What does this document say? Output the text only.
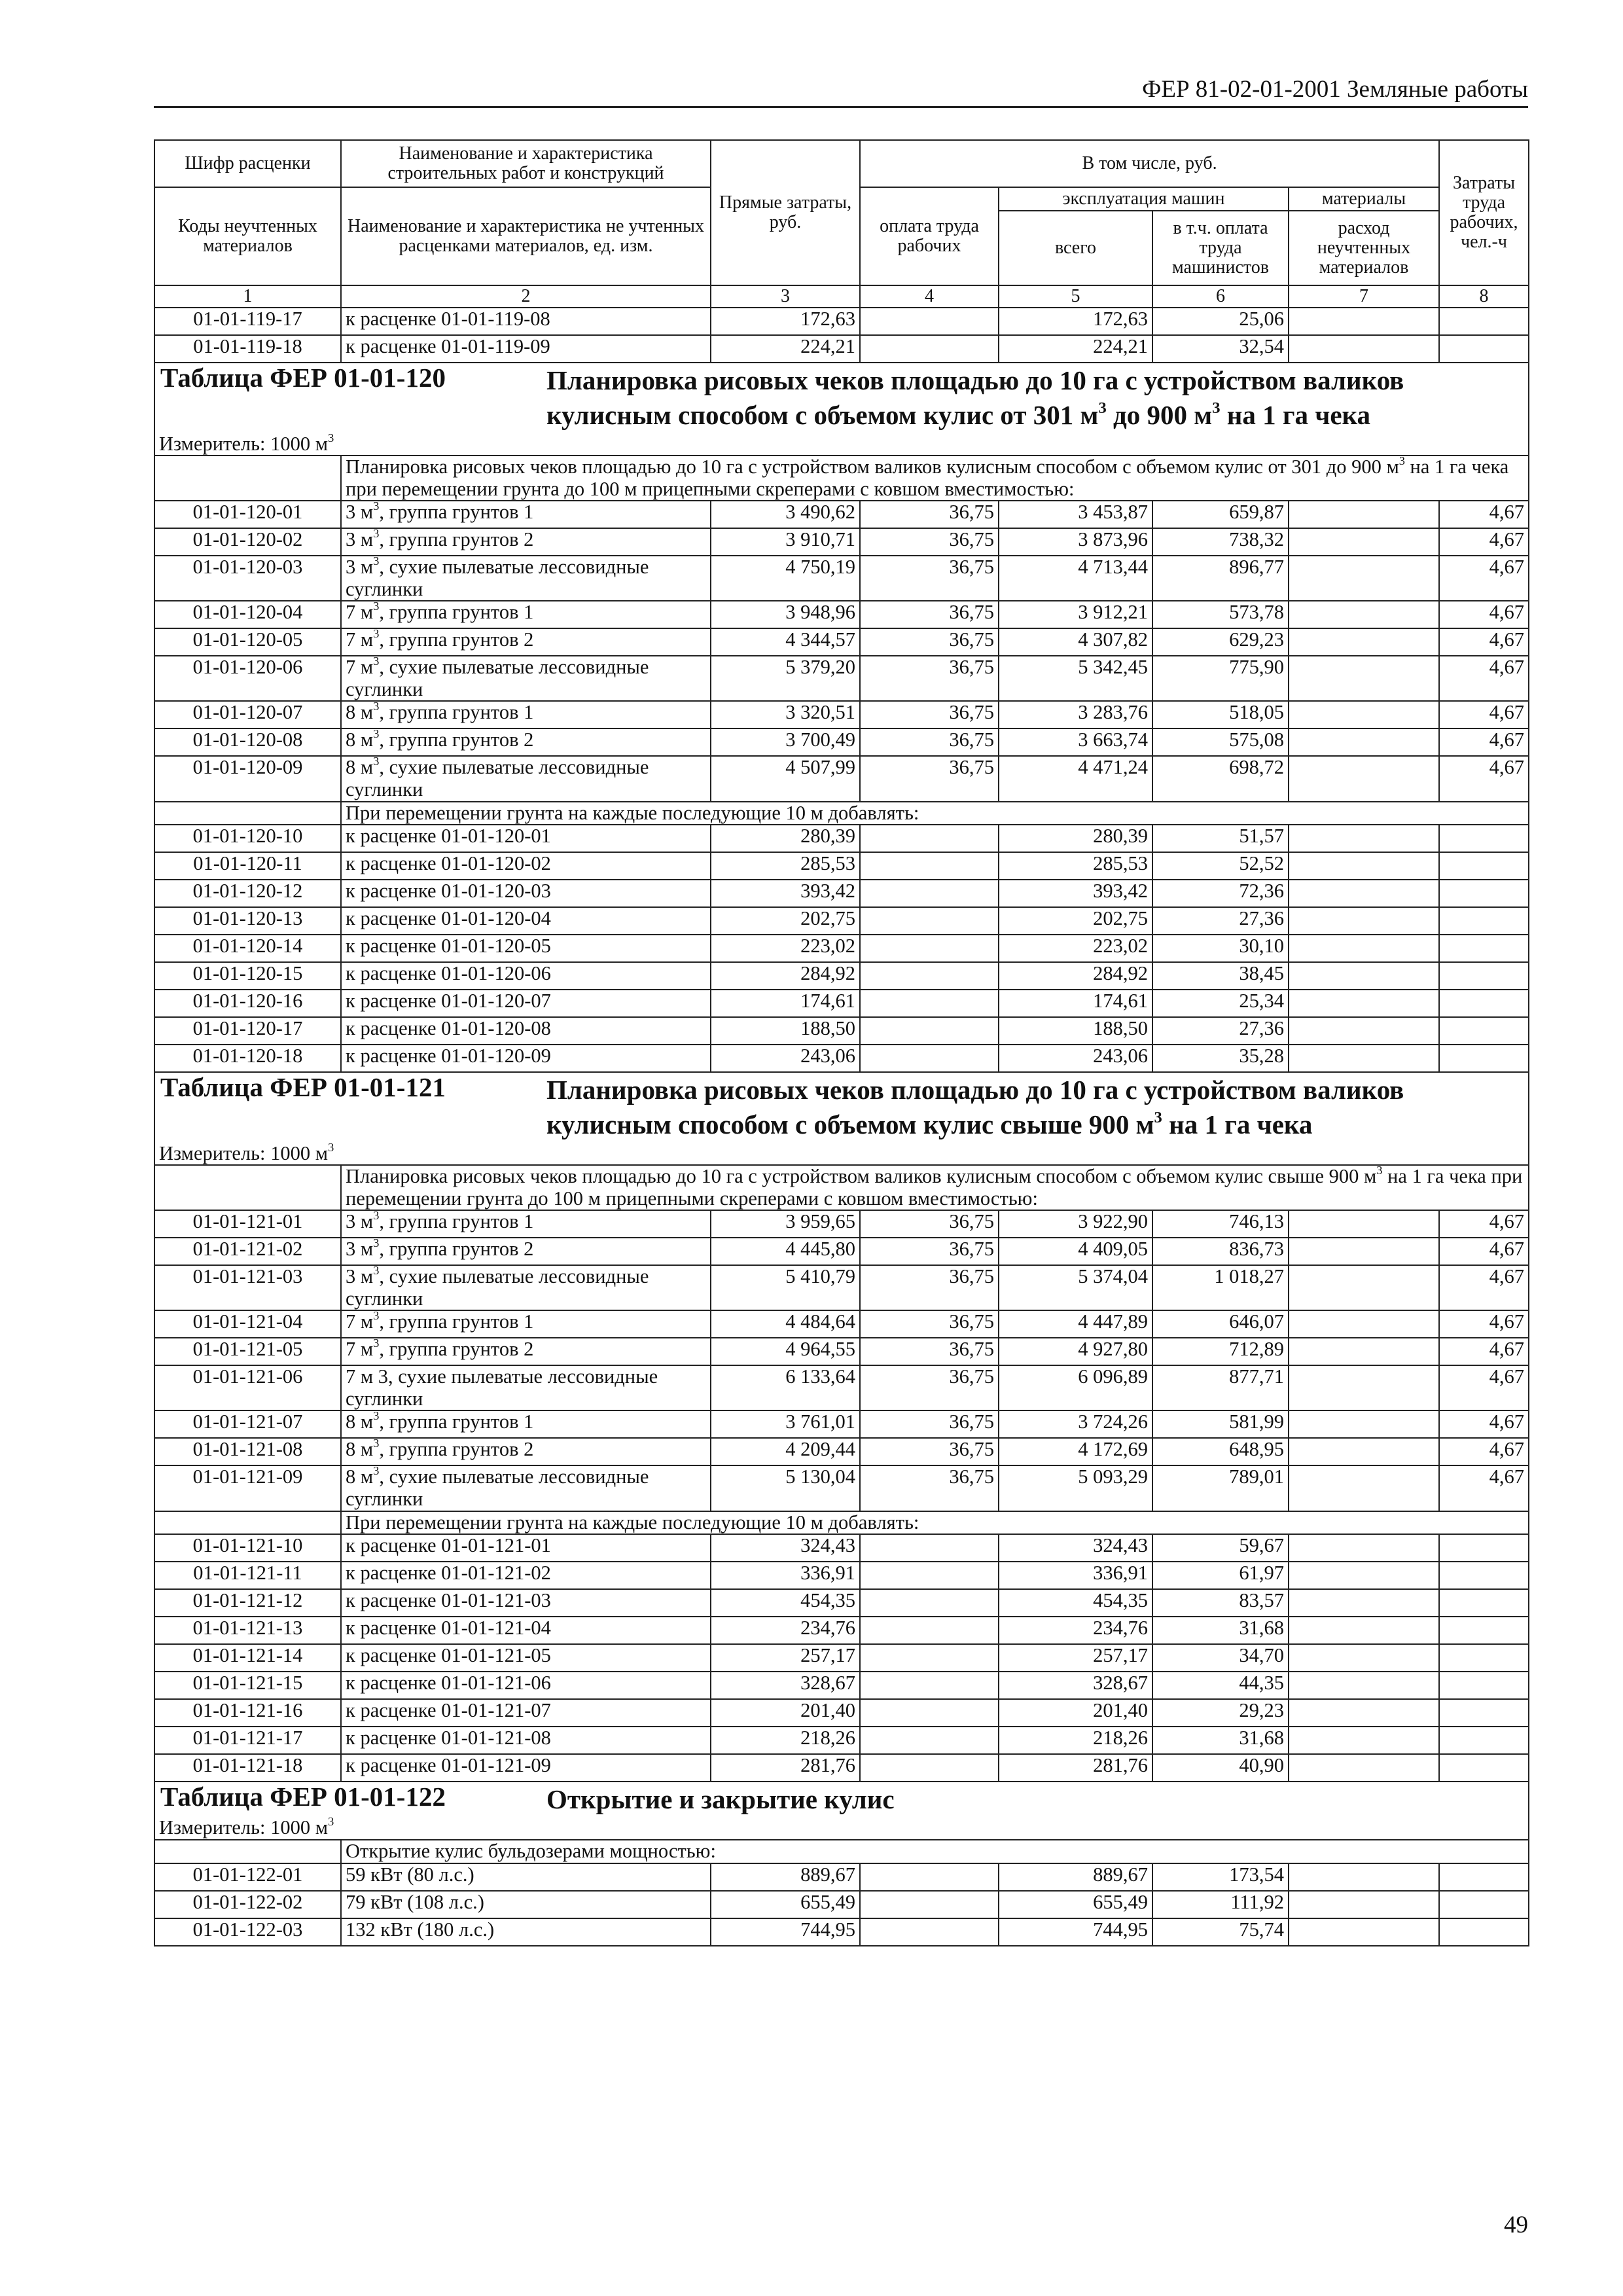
ФЕР 81-02-01-2001 Земляные работы
Шифр расценки	Наименование и характеристика строительных работ и конструкций	Прямые затраты, руб.	В том числе, руб.				Затраты труда рабочих, чел.-ч
Коды неучтенных материалов	Наименование и характеристика не учтенных расценками материалов, ед. изм.		оплата труда рабочих	эксплуатация машин		материалы	
				всего	в т.ч. оплата труда машинистов	расход неучтенных материалов	
1	2	3	4	5	6	7	8
01-01-119-17	к расценке 01-01-119-08	172,63		172,63	25,06		
01-01-119-18	к расценке 01-01-119-09	224,21		224,21	32,54		
Таблица ФЕР 01-01-120 Планировка рисовых чеков площадью до 10 га с устройством валиков кулисным способом с объемом кулис от 301 $м^3$ до 900 $м^3$ на 1 га чека							
Измеритель: 1000 $м^3$
	Планировка рисовых чеков площадью до 10 га с устройством валиков кулисным способом с объемом кулис от 301 до 900 $м^3$ на 1 га чека при перемещении грунта до 100 м прицепными скреперами с ковшом вместимостью:						
01-01-120-01	3 $м^3$, группа грунтов 1	3 490,62	36,75	3 453,87	659,87		4,67
01-01-120-02	3 $м^3$, группа грунтов 2	3 910,71	36,75	3 873,96	738,32		4,67
01-01-120-03	3 $м^3$, сухие пылеватые лессовидные суглинки	4 750,19	36,75	4 713,44	896,77		4,67
01-01-120-04	7 $м^3$, группа грунтов 1	3 948,96	36,75	3 912,21	573,78		4,67
01-01-120-05	7 $м^3$, группа грунтов 2	4 344,57	36,75	4 307,82	629,23		4,67
01-01-120-06	7 $м^3$, сухие пылеватые лессовидные суглинки	5 379,20	36,75	5 342,45	775,90		4,67
01-01-120-07	8 $м^3$, группа грунтов 1	3 320,51	36,75	3 283,76	518,05		4,67
01-01-120-08	8 $м^3$, группа грунтов 2	3 700,49	36,75	3 663,74	575,08		4,67
01-01-120-09	8 $м^3$, сухие пылеватые лессовидные суглинки	4 507,99	36,75	4 471,24	698,72		4,67
	При перемещении грунта на каждые последующие 10 м добавлять:						
01-01-120-10	к расценке 01-01-120-01	280,39		280,39	51,57		
01-01-120-11	к расценке 01-01-120-02	285,53		285,53	52,52		
01-01-120-12	к расценке 01-01-120-03	393,42		393,42	72,36		
01-01-120-13	к расценке 01-01-120-04	202,75		202,75	27,36		
01-01-120-14	к расценке 01-01-120-05	223,02		223,02	30,10		
01-01-120-15	к расценке 01-01-120-06	284,92		284,92	38,45		
01-01-120-16	к расценке 01-01-120-07	174,61		174,61	25,34		
01-01-120-17	к расценке 01-01-120-08	188,50		188,50	27,36		
01-01-120-18	к расценке 01-01-120-09	243,06		243,06	35,28		
Таблица ФЕР 01-01-121 Планировка рисовых чеков площадью до 10 га с устройством валиков кулисным способом с объемом кулис свыше 900 $м^3$ на 1 га чека							
Измеритель: 1000 $м^3$
	Планировка рисовых чеков площадью до 10 га с устройством валиков кулисным способом с объемом кулис свыше 900 $м^3$ на 1 га чека при перемещении грунта до 100 м прицепными скреперами с ковшом вместимостью:						
01-01-121-01	3 $м^3$, группа грунтов 1	3 959,65	36,75	3 922,90	746,13		4,67
01-01-121-02	3 $м^3$, группа грунтов 2	4 445,80	36,75	4 409,05	836,73		4,67
01-01-121-03	3 $м^3$, сухие пылеватые лессовидные суглинки	5 410,79	36,75	5 374,04	1 018,27		4,67
01-01-121-04	7 $м^3$, группа грунтов 1	4 484,64	36,75	4 447,89	646,07		4,67
01-01-121-05	7 $м^3$, группа грунтов 2	4 964,55	36,75	4 927,80	712,89		4,67
01-01-121-06	7 м 3, сухие пылеватые лессовидные суглинки	6 133,64	36,75	6 096,89	877,71		4,67
01-01-121-07	8 $м^3$, группа грунтов 1	3 761,01	36,75	3 724,26	581,99		4,67
01-01-121-08	8 $м^3$, группа грунтов 2	4 209,44	36,75	4 172,69	648,95		4,67
01-01-121-09	8 $м^3$, сухие пылеватые лессовидные суглинки	5 130,04	36,75	5 093,29	789,01		4,67
	При перемещении грунта на каждые последующие 10 м добавлять:						
01-01-121-10	к расценке 01-01-121-01	324,43		324,43	59,67		
01-01-121-11	к расценке 01-01-121-02	336,91		336,91	61,97		
01-01-121-12	к расценке 01-01-121-03	454,35		454,35	83,57		
01-01-121-13	к расценке 01-01-121-04	234,76		234,76	31,68		
01-01-121-14	к расценке 01-01-121-05	257,17		257,17	34,70		
01-01-121-15	к расценке 01-01-121-06	328,67		328,67	44,35		
01-01-121-16	к расценке 01-01-121-07	201,40		201,40	29,23		
01-01-121-17	к расценке 01-01-121-08	218,26		218,26	31,68		
01-01-121-18	к расценке 01-01-121-09	281,76		281,76	40,90		
Таблица ФЕР 01-01-122 Открытие и закрытие кулис							
Измеритель: 1000 $м^3$
	Открытие кулис бульдозерами мощностью:						
01-01-122-01	59 кВт (80 л.с.)	889,67		889,67	173,54		
01-01-122-02	79 кВт (108 л.с.)	655,49		655,49	111,92		
01-01-122-03	132 кВт (180 л.с.)	744,95		744,95	75,74		
49
